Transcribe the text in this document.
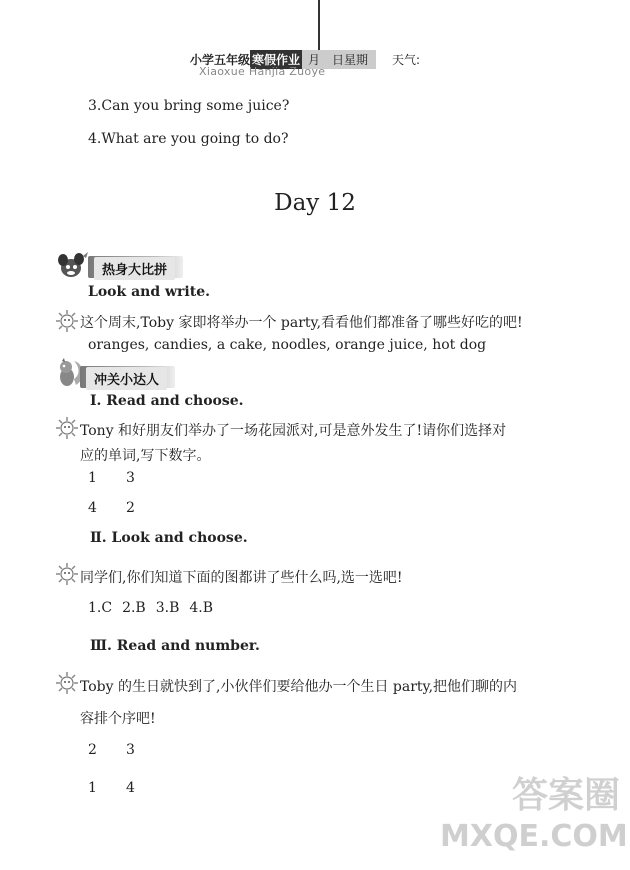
小学五年级 寒假作业 月　日星期	天气:
Xiaoxue Hanjia Zuoye
3.Can you bring some juice?
4.What are you going to do?
Day 12
热身大比拼
Look and write.
这个周末,Toby 家即将举办一个 party,看看他们都准备了哪些好吃的吧!
oranges, candies, a cake, noodles, orange juice, hot dog
冲关小达人
Ⅰ. Read and choose.
Tony 和好朋友们举办了一场花园派对,可是意外发生了!请你们选择对
应的单词,写下数字。
1 3
4 2
Ⅱ. Look and choose.
同学们,你们知道下面的图都讲了些什么吗,选一选吧!
1.C 2.B 3.B 4.B
Ⅲ. Read and number.
Toby 的生日就快到了,小伙伴们要给他办一个生日 party,把他们聊的内
容排个序吧!
2 3
1 4	答案圈
MXQE.COM
